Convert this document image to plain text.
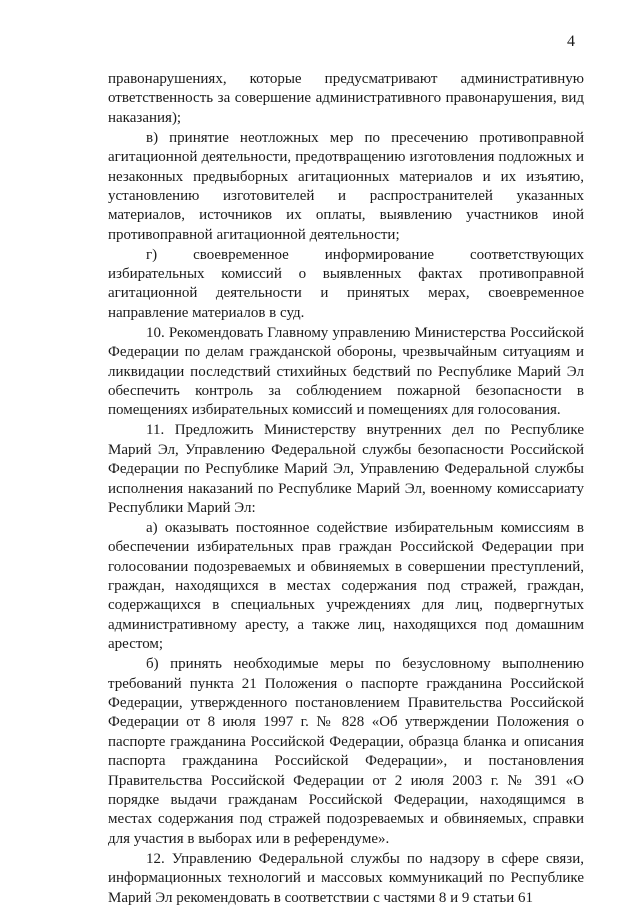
4

правонарушениях, которые предусматривают административную ответственность за совершение административного правонарушения, вид наказания);

в) принятие неотложных мер по пресечению противоправной агитационной деятельности, предотвращению изготовления подложных и незаконных предвыборных агитационных материалов и их изъятию, установлению изготовителей и распространителей указанных материалов, источников их оплаты, выявлению участников иной противоправной агитационной деятельности;

г) своевременное информирование соответствующих избирательных комиссий о выявленных фактах противоправной агитационной деятельности и принятых мерах, своевременное направление материалов в суд.

10. Рекомендовать Главному управлению Министерства Российской Федерации по делам гражданской обороны, чрезвычайным ситуациям и ликвидации последствий стихийных бедствий по Республике Марий Эл обеспечить контроль за соблюдением пожарной безопасности в помещениях избирательных комиссий и помещениях для голосования.

11. Предложить Министерству внутренних дел по Республике Марий Эл, Управлению Федеральной службы безопасности Российской Федерации по Республике Марий Эл, Управлению Федеральной службы исполнения наказаний по Республике Марий Эл, военному комиссариату Республики Марий Эл:

а) оказывать постоянное содействие избирательным комиссиям в обеспечении избирательных прав граждан Российской Федерации при голосовании подозреваемых и обвиняемых в совершении преступлений, граждан, находящихся в местах содержания под стражей, граждан, содержащихся в специальных учреждениях для лиц, подвергнутых административному аресту, а также лиц, находящихся под домашним арестом;

б) принять необходимые меры по безусловному выполнению требований пункта 21 Положения о паспорте гражданина Российской Федерации, утвержденного постановлением Правительства Российской Федерации от 8 июля 1997 г. № 828 «Об утверждении Положения о паспорте гражданина Российской Федерации, образца бланка и описания паспорта гражданина Российской Федерации», и постановления Правительства Российской Федерации от 2 июля 2003 г. № 391 «О порядке выдачи гражданам Российской Федерации, находящимся в местах содержания под стражей подозреваемых и обвиняемых, справки для участия в выборах или в референдуме».

12. Управлению Федеральной службы по надзору в сфере связи, информационных технологий и массовых коммуникаций по Республике Марий Эл рекомендовать в соответствии с частями 8 и 9 статьи 61
